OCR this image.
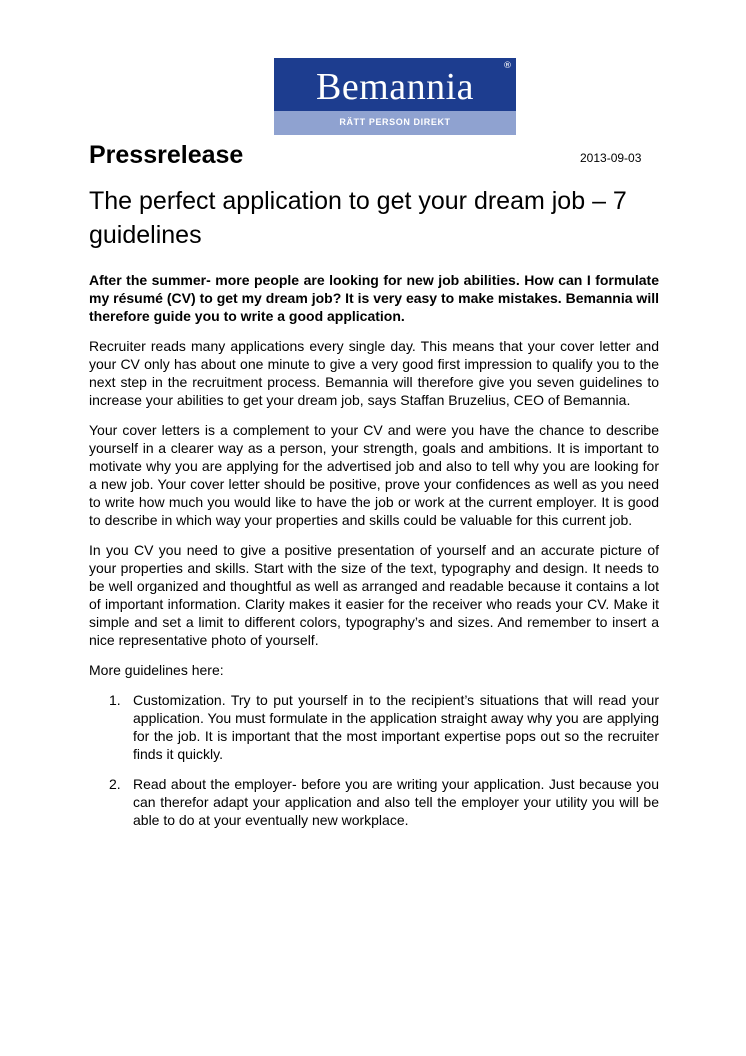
Bemannia	®
RÄTT PERSON DIREKT
Pressrelease	2013-09-03
The perfect application to get your dream job – 7 guidelines

After the summer- more people are looking for new job abilities. How can I formulate my résumé (CV) to get my dream job? It is very easy to make mistakes. Bemannia will therefore guide you to write a good application.

Recruiter reads many applications every single day. This means that your cover letter and your CV only has about one minute to give a very good first impression to qualify you to the next step in the recruitment process. Bemannia will therefore give you seven guidelines to increase your abilities to get your dream job, says Staffan Bruzelius, CEO of Bemannia.

Your cover letters is a complement to your CV and were you have the chance to describe yourself in a clearer way as a person, your strength, goals and ambitions. It is important to motivate why you are applying for the advertised job and also to tell why you are looking for a new job. Your cover letter should be positive, prove your confidences as well as you need to write how much you would like to have the job or work at the current employer. It is good to describe in which way your properties and skills could be valuable for this current job.

In you CV you need to give a positive presentation of yourself and an accurate picture of your properties and skills. Start with the size of the text, typography and design. It needs to be well organized and thoughtful as well as arranged and readable because it contains a lot of important information. Clarity makes it easier for the receiver who reads your CV. Make it simple and set a limit to different colors, typography’s and sizes. And remember to insert a nice representative photo of yourself.

More guidelines here:

1. Customization. Try to put yourself in to the recipient’s situations that will read your application. You must formulate in the application straight away why you are applying for the job. It is important that the most important expertise pops out so the recruiter finds it quickly.
2. Read about the employer- before you are writing your application. Just because you can therefor adapt your application and also tell the employer your utility you will be able to do at your eventually new workplace.
